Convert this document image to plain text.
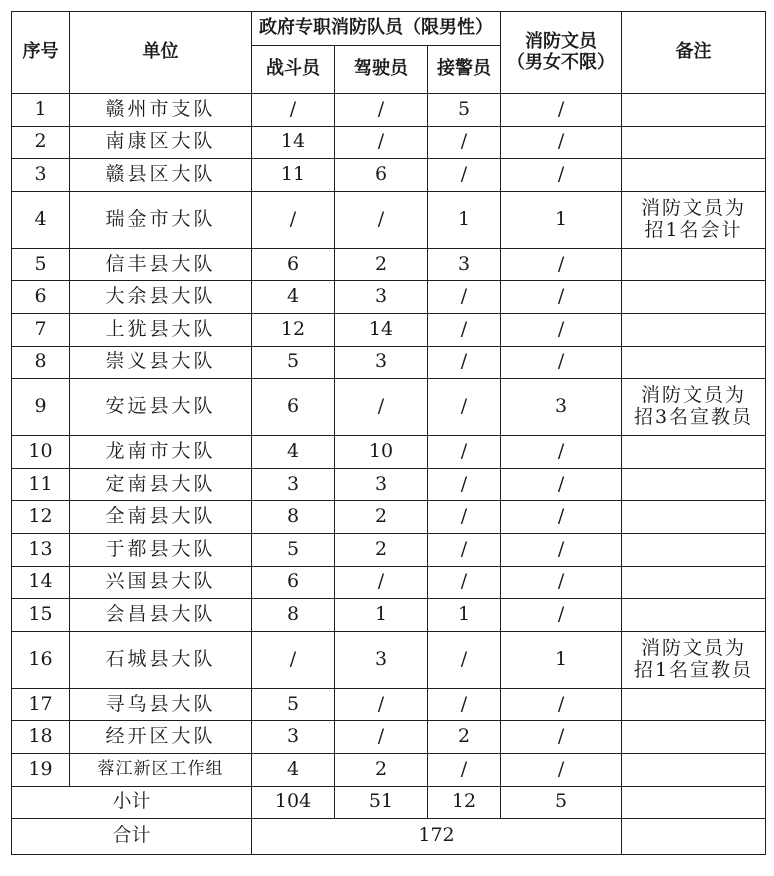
序号	单位	政府专职消防队员（限男性）			消防文员
（男女不限）	备注
		战斗员	驾驶员	接警员		
1	赣州市支队	/	/	5	/	
2	南康区大队	14	/	/	/	
3	赣县区大队	11	6	/	/	
4	瑞金市大队	/	/	1	1	消防文员为
招1名会计

5	信丰县大队	6	2	3	/	
6	大余县大队	4	3	/	/	
7	上犹县大队	12	14	/	/	
8	崇义县大队	5	3	/	/	
9	安远县大队	6	/	/	3	消防文员为
招3名宣教员

10	龙南市大队	4	10	/	/	
11	定南县大队	3	3	/	/	
12	全南县大队	8	2	/	/	
13	于都县大队	5	2	/	/	
14	兴国县大队	6	/	/	/	
15	会昌县大队	8	1	1	/	
16	石城县大队	/	3	/	1	消防文员为
招1名宣教员

17	寻乌县大队	5	/	/	/	
18	经开区大队	3	/	2	/	
19	蓉江新区工作组	4	2	/	/	
小计		104	51	12	5	
合计		172				
